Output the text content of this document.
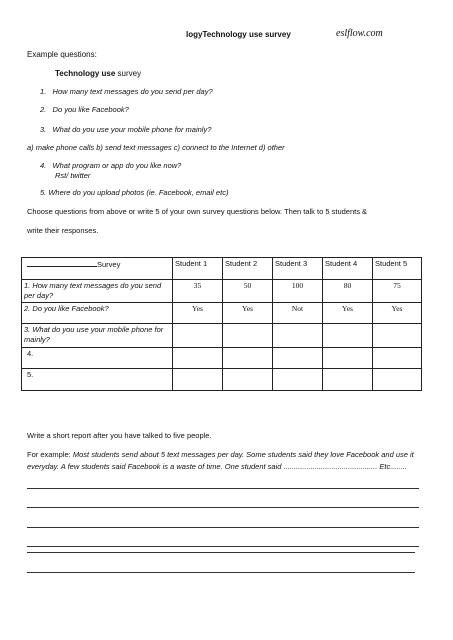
logyTechnology use survey	eslflow.com
Example questions:
Technology use survey
1. How many text messages do you send per day?
2. Do you like Facebook?
3. What do you use your mobile phone for mainly?
a) make phone calls b) send text messages c) connect to the Internet d) other
4. What program or app do you like now?
Rst/ twitter
5. Where do you upload photos (ie. Facebook, email etc)
Choose questions from above or write 5 of your own survey questions below. Then talk to 5 students &
write their responses.
Survey	Student 1	Student 2	Student 3	Student 4	Student 5
1. How many text messages do you send per day?	35	50	100	80	75
2. Do you like Facebook?	Yes	Yes	Not	Yes	Yes
3. What do you use your mobile phone for mainly?					
4.					
5.					
Write a short report after you have talked to five people.
For example: Most students send about 5 text messages per day. Some students said they love Facebook and use it
everyday. A few students said Facebook is a waste of time. One student said ............................................. Etc........
